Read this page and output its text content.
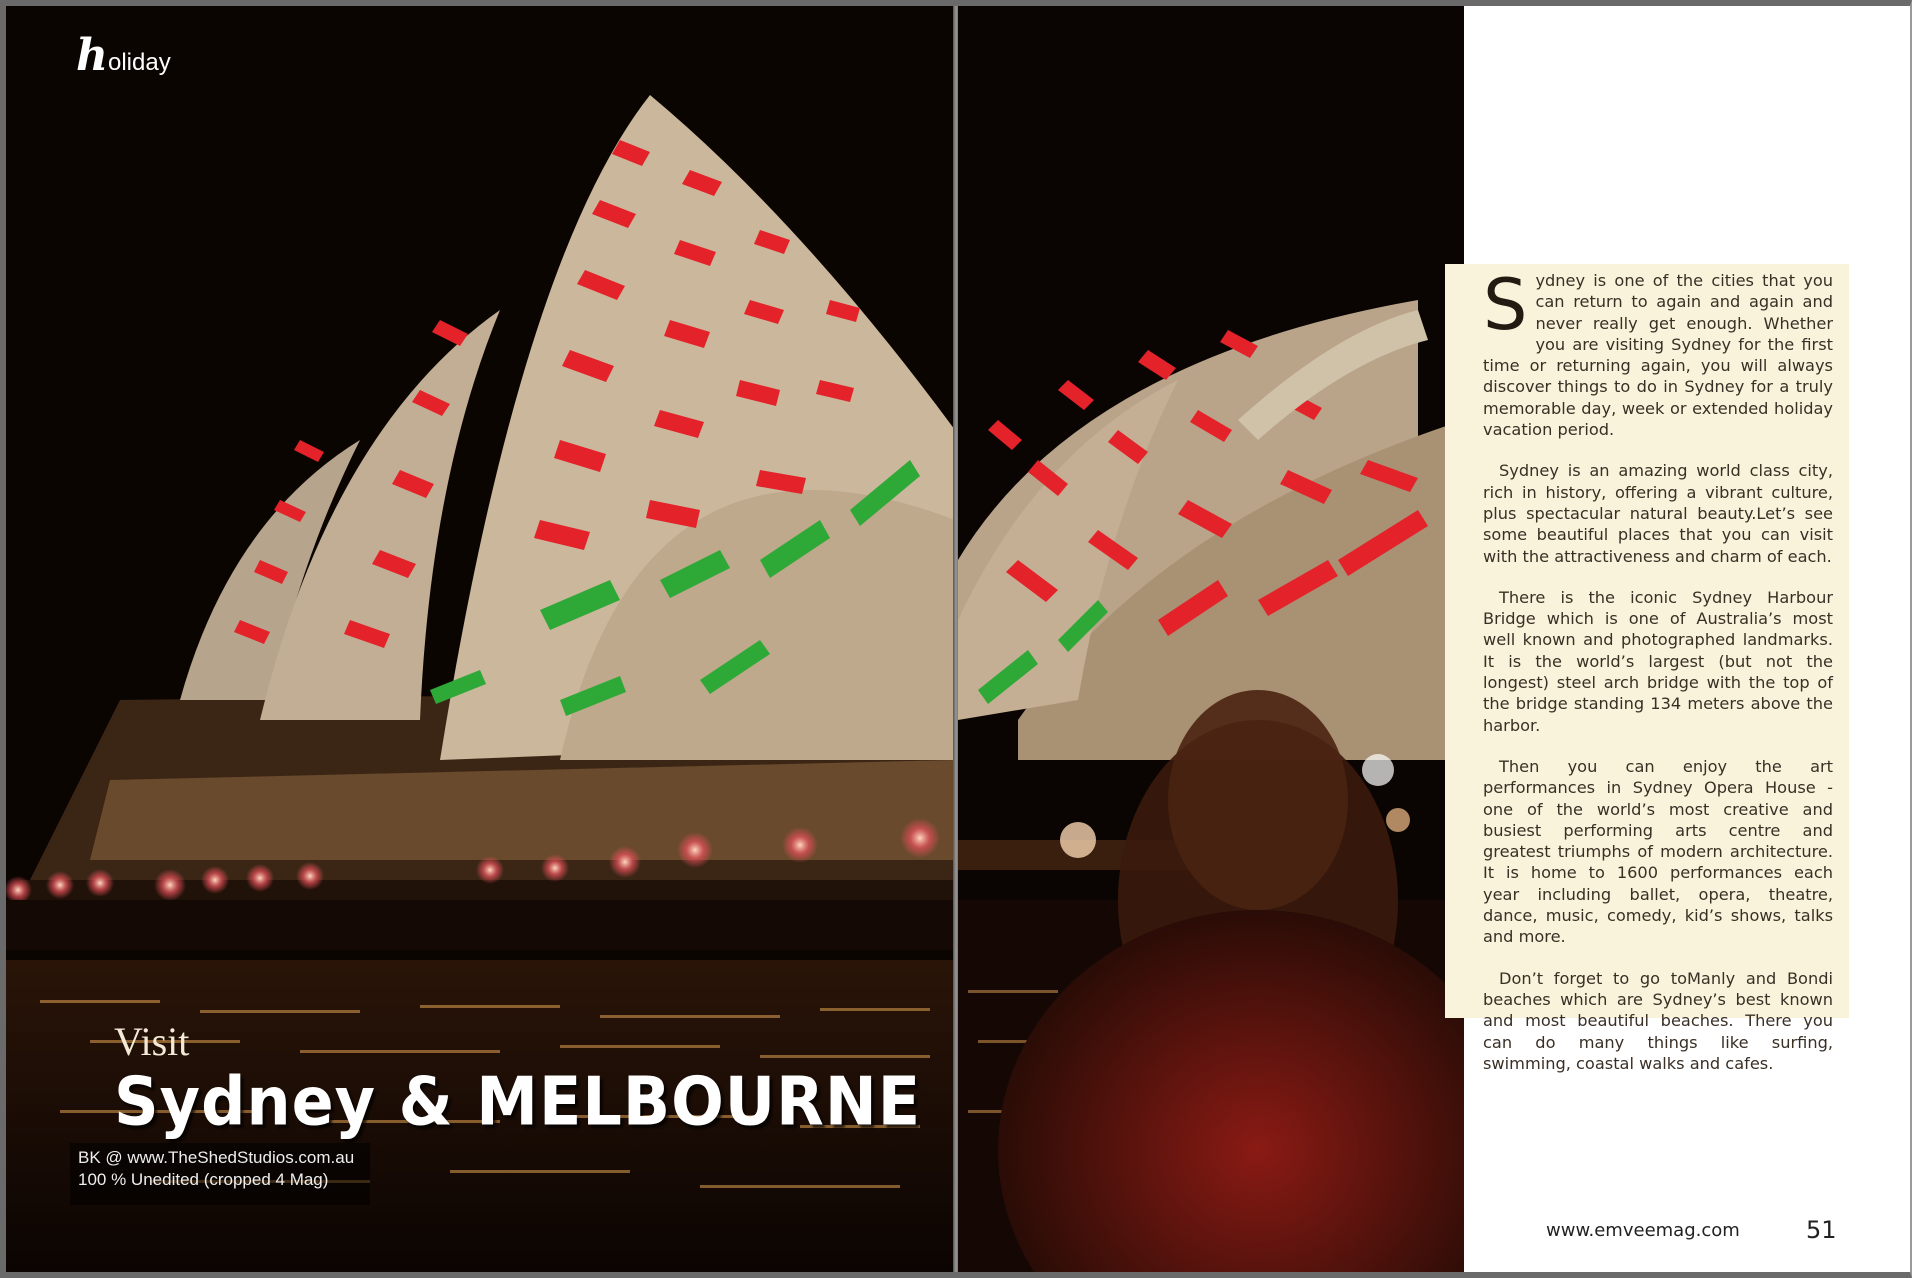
holiday
Visit
Sydney & MELBOURNE
BK @ www.TheShedStudios.com.au
100 % Unedited (cropped 4 Mag)

Sydney is one of the cities that you can return to again and again and never really get enough. Whether you are visiting Sydney for the first time or returning again, you will always discover things to do in Sydney for a truly memorable day, week or extended holiday vacation period.

Sydney is an amazing world class city, rich in history, offering a vibrant culture, plus spectacular natural beauty.Let’s see some beautiful places that you can visit with the attractiveness and charm of each.

There is the iconic Sydney Harbour Bridge which is one of Australia’s most well known and photographed landmarks. It is the world’s largest (but not the longest) steel arch bridge with the top of the bridge standing 134 meters above the harbor.

Then you can enjoy the art performances in Sydney Opera House - one of the world’s most creative and busiest performing arts centre and greatest triumphs of modern architecture. It is home to 1600 performances each year including ballet, opera, theatre, dance, music, comedy, kid’s shows, talks and more.

Don’t forget to go toManly and Bondi beaches which are Sydney’s best known and most beautiful beaches. There you can do many things like surfing, swimming, coastal walks and cafes.

www.emveemag.com	51
